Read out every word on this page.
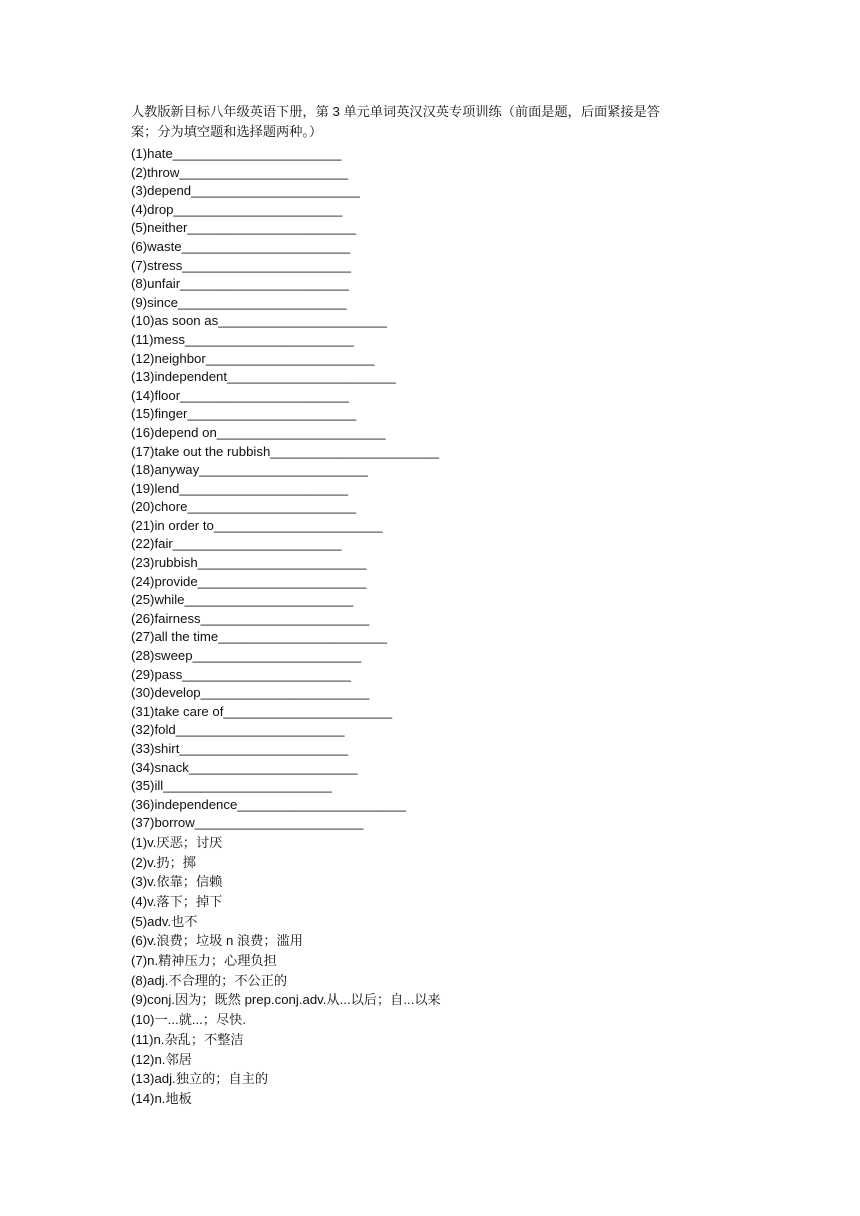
人教版新目标八年级英语下册，第 3 单元单词英汉汉英专项训练（前面是题，后面紧接是答
案；分为填空题和选择题两种。）
(1)hate_______________________
(2)throw_______________________
(3)depend_______________________
(4)drop_______________________
(5)neither_______________________
(6)waste_______________________
(7)stress_______________________
(8)unfair_______________________
(9)since_______________________
(10)as soon as_______________________
(11)mess_______________________
(12)neighbor_______________________
(13)independent_______________________
(14)floor_______________________
(15)finger_______________________
(16)depend on_______________________
(17)take out the rubbish_______________________
(18)anyway_______________________
(19)lend_______________________
(20)chore_______________________
(21)in order to_______________________
(22)fair_______________________
(23)rubbish_______________________
(24)provide_______________________
(25)while_______________________
(26)fairness_______________________
(27)all the time_______________________
(28)sweep_______________________
(29)pass_______________________
(30)develop_______________________
(31)take care of_______________________
(32)fold_______________________
(33)shirt_______________________
(34)snack_______________________
(35)ill_______________________
(36)independence_______________________
(37)borrow_______________________
(1)v.厌恶；讨厌
(2)v.扔；掷
(3)v.依靠；信赖
(4)v.落下；掉下
(5)adv.也不
(6)v.浪费；垃圾 n 浪费；滥用
(7)n.精神压力；心理负担
(8)adj.不合理的；不公正的
(9)conj.因为；既然 prep.conj.adv.从...以后；自...以来
(10)一...就...；尽快.
(11)n.杂乱；不整洁
(12)n.邻居
(13)adj.独立的；自主的
(14)n.地板
